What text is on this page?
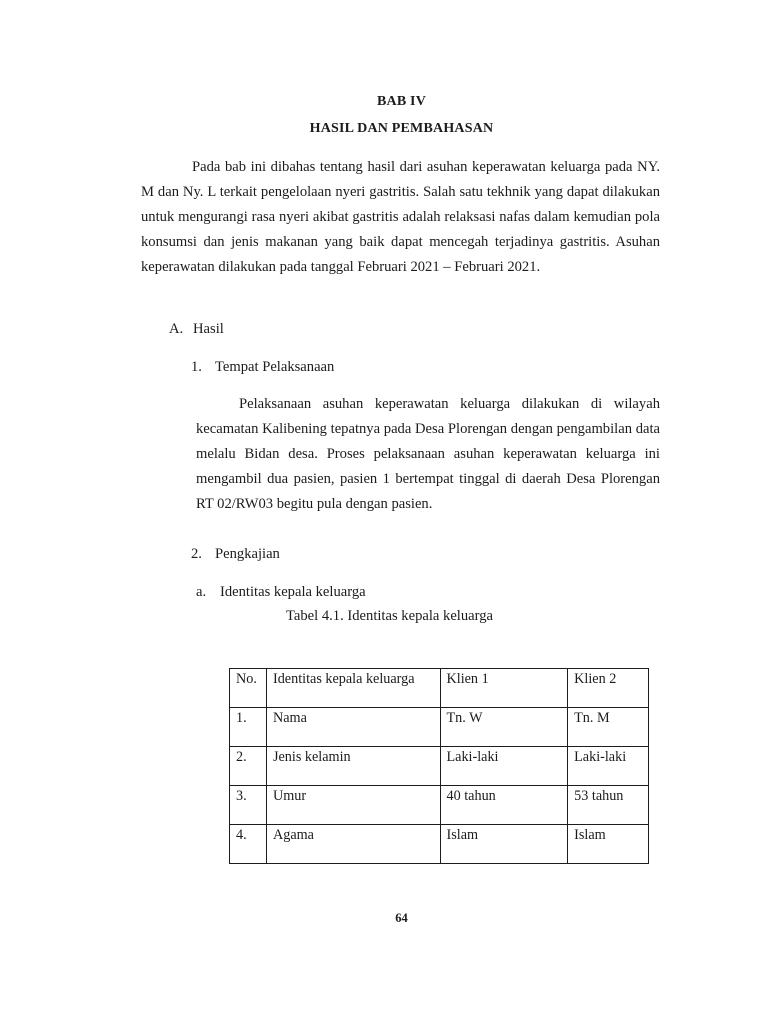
BAB IV
HASIL DAN PEMBAHASAN

Pada bab ini dibahas tentang hasil dari asuhan keperawatan keluarga pada NY. M dan Ny. L terkait pengelolaan nyeri gastritis. Salah satu tekhnik yang dapat dilakukan untuk mengurangi rasa nyeri akibat gastritis adalah relaksasi nafas dalam kemudian pola konsumsi dan jenis makanan yang baik dapat mencegah terjadinya gastritis. Asuhan keperawatan dilakukan pada tanggal Februari 2021 – Februari 2021.

A. Hasil
1. Tempat Pelaksanaan

Pelaksanaan asuhan keperawatan keluarga dilakukan di wilayah kecamatan Kalibening tepatnya pada Desa Plorengan dengan pengambilan data melalu Bidan desa. Proses pelaksanaan asuhan keperawatan keluarga ini mengambil dua pasien, pasien 1 bertempat tinggal di daerah Desa Plorengan RT 02/RW03 begitu pula dengan pasien.

2. Pengkajian
a. Identitas kepala keluarga
Tabel 4.1. Identitas kepala keluarga
No.	Identitas kepala keluarga	Klien 1	Klien 2
1.	Nama	Tn. W	Tn. M
2.	Jenis kelamin	Laki-laki	Laki-laki
3.	Umur	40 tahun	53 tahun
4.	Agama	Islam	Islam
64
